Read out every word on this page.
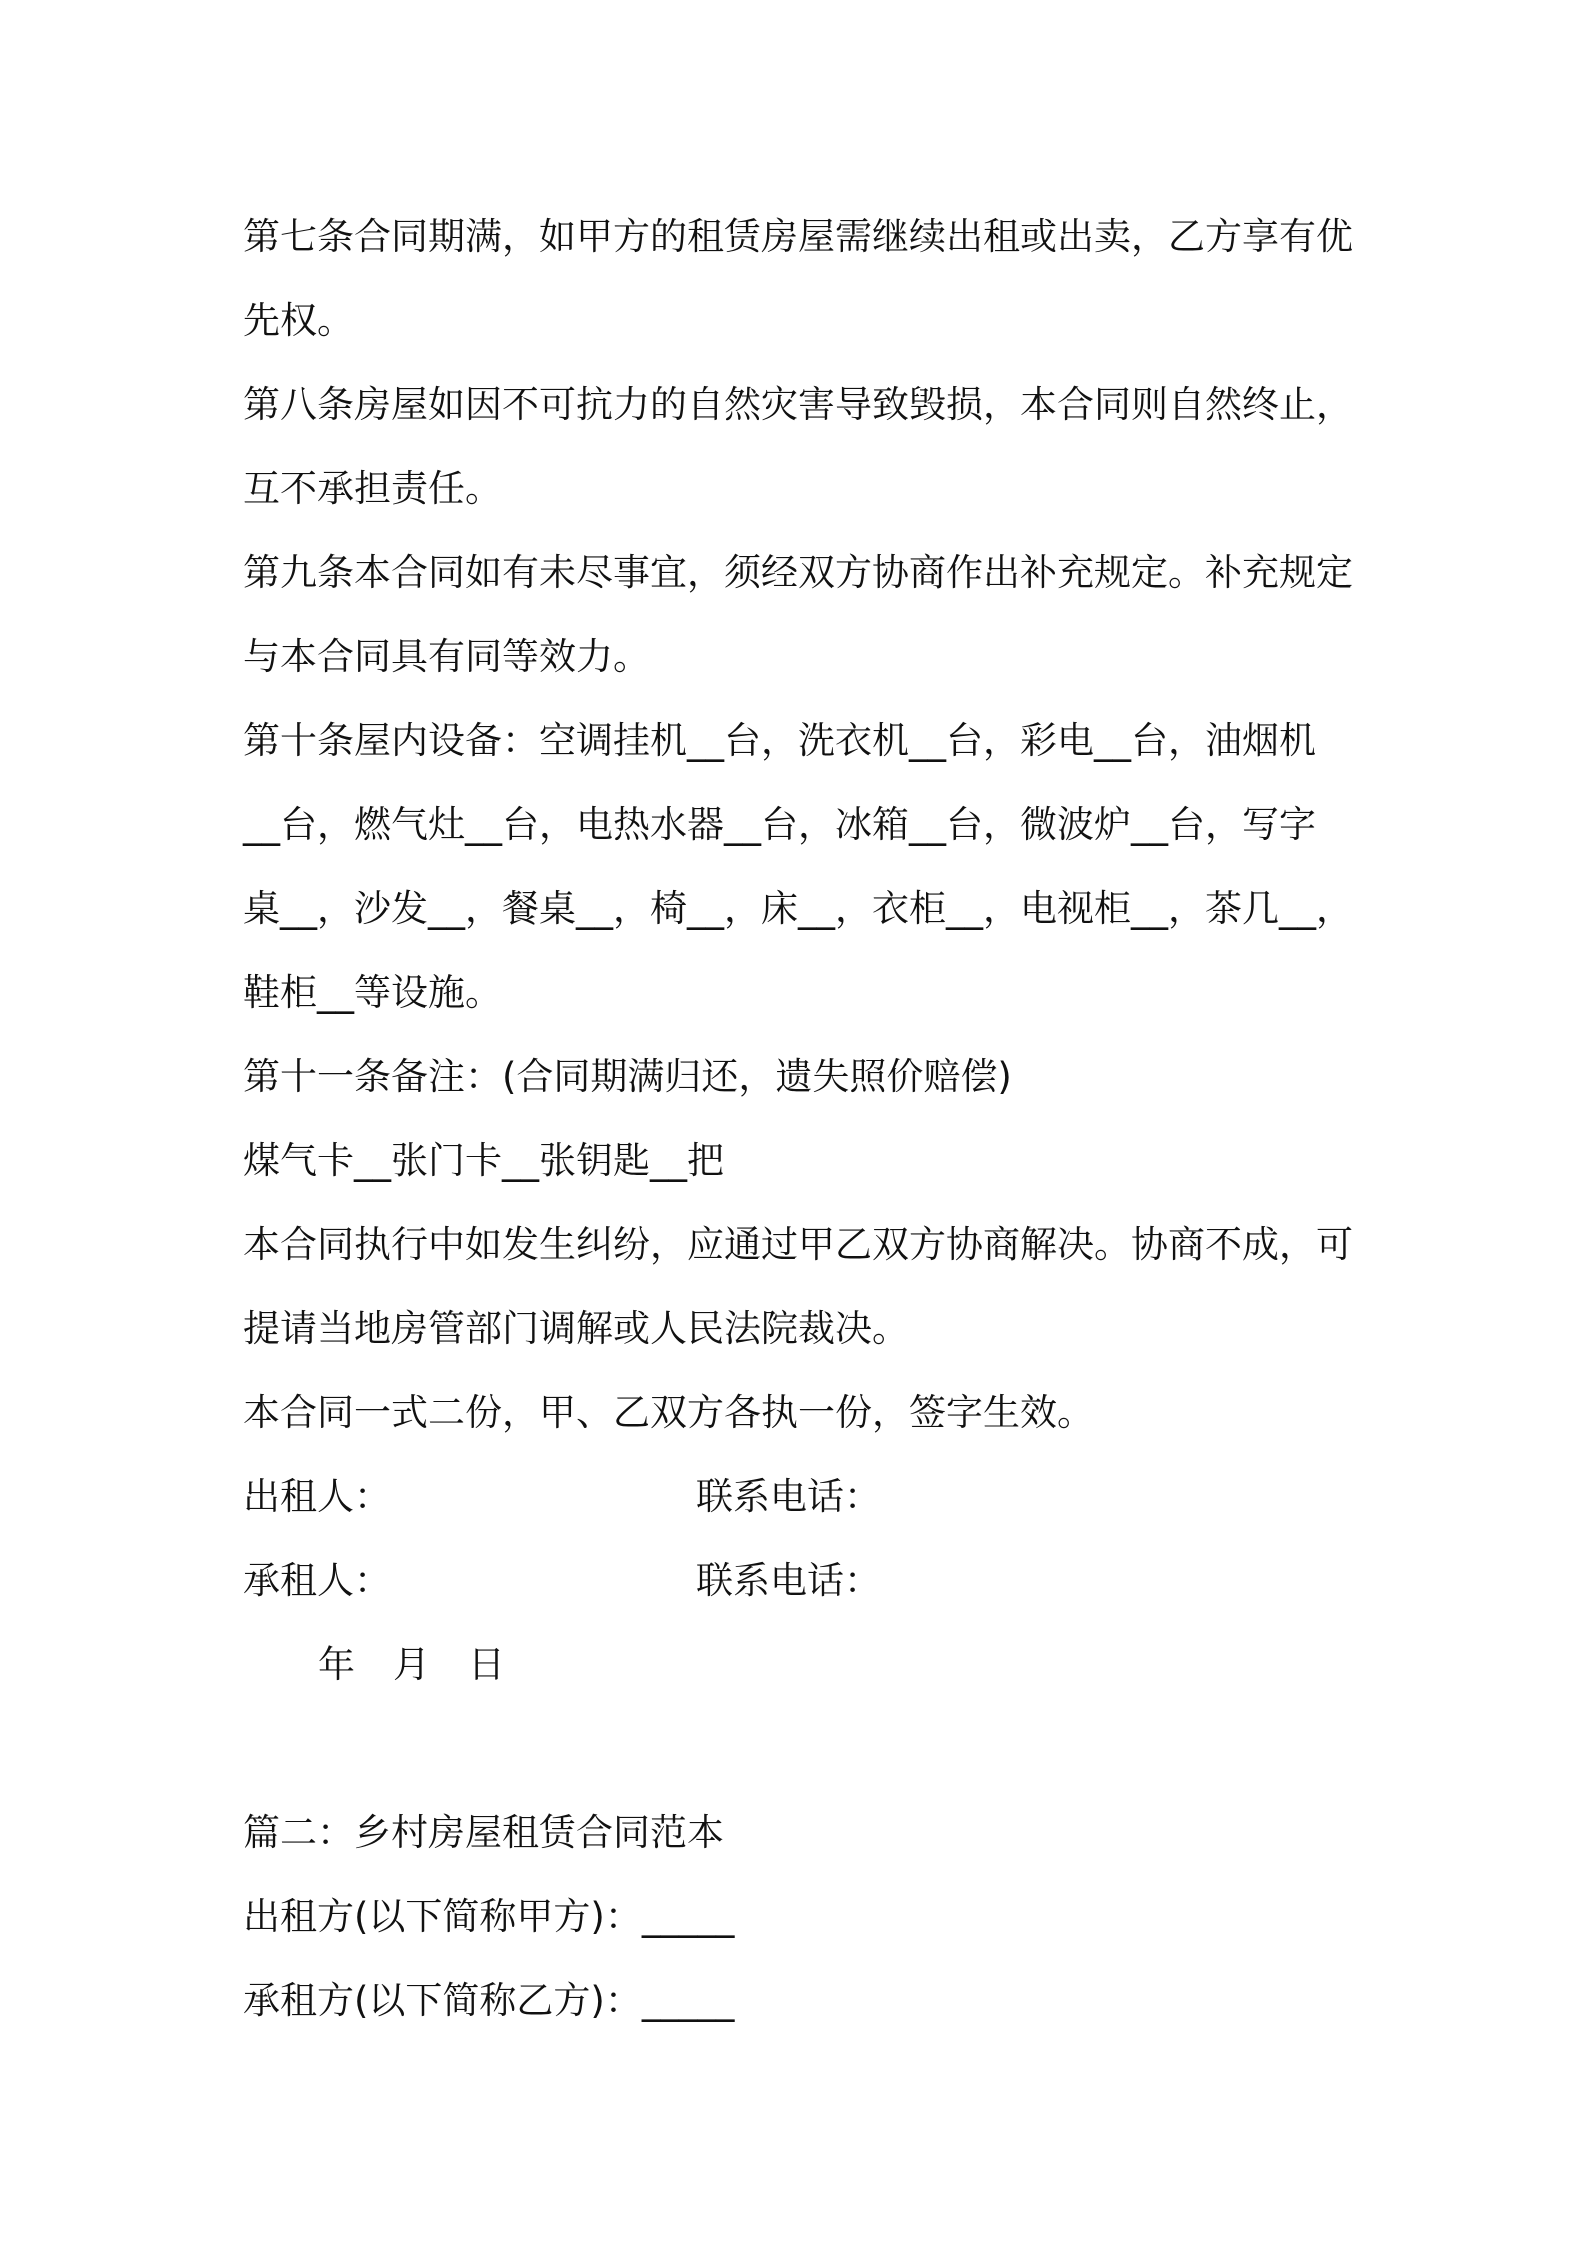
第七条合同期满，如甲方的租赁房屋需继续出租或出卖，乙方享有优
先权。
第八条房屋如因不可抗力的自然灾害导致毁损，本合同则自然终止，
互不承担责任。
第九条本合同如有未尽事宜，须经双方协商作出补充规定。补充规定
与本合同具有同等效力。
第十条屋内设备：空调挂机__台，洗衣机__台，彩电__台，油烟机
__台，燃气灶__台，电热水器__台，冰箱__台，微波炉__台，写字
桌__，沙发__，餐桌__，椅__，床__，衣柜__，电视柜__，茶几__，
鞋柜__等设施。
第十一条备注：(合同期满归还，遗失照价赔偿)
煤气卡__张门卡__张钥匙__把
本合同执行中如发生纠纷，应通过甲乙双方协商解决。协商不成，可
提请当地房管部门调解或人民法院裁决。
本合同一式二份，甲、乙双方各执一份，签字生效。
出租人：	联系电话：
承租人：	联系电话：
年 月 日
篇二：乡村房屋租赁合同范本
出租方(以下简称甲方)：_____
承租方(以下简称乙方)：_____
